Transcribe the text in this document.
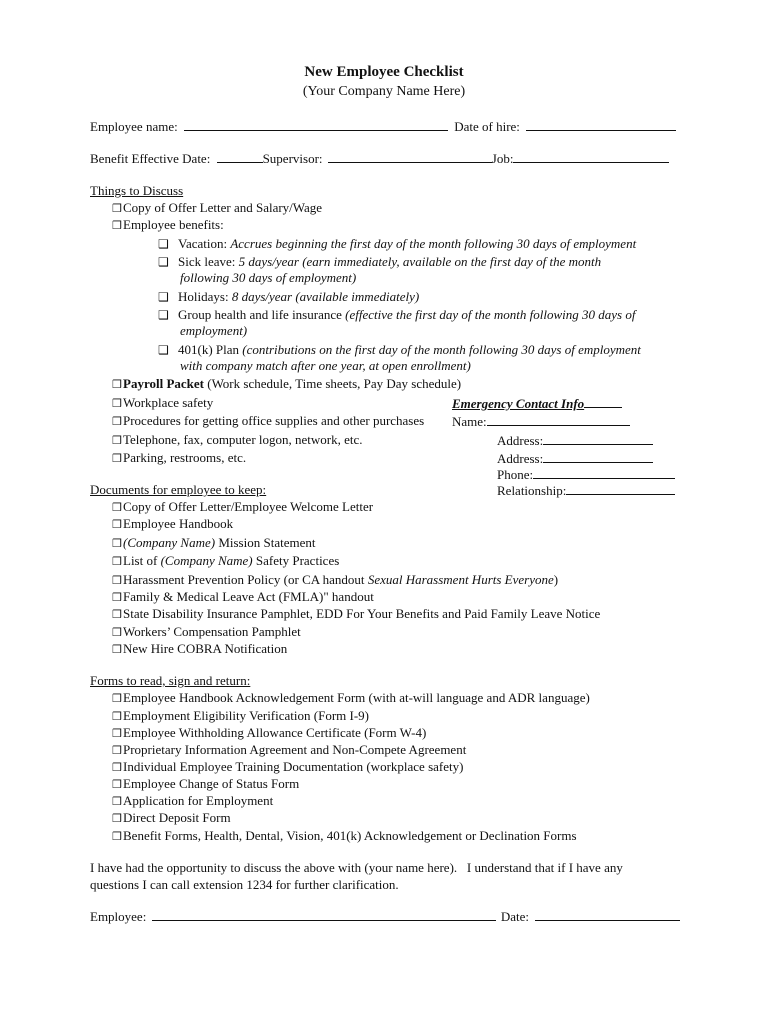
New Employee Checklist
(Your Company Name Here)
Employee name:	Date of hire:
Benefit Effective Date:	Supervisor:	Job:
Things to Discuss
❒Copy of Offer Letter and Salary/Wage
❒Employee benefits:
❑ Vacation: Accrues beginning the first day of the month following 30 days of employment
❑ Sick leave: 5 days/year (earn immediately, available on the first day of the month
following 30 days of employment)
❑ Holidays: 8 days/year (available immediately)
❑ Group health and life insurance (effective the first day of the month following 30 days of
employment)
❑ 401(k) Plan (contributions on the first day of the month following 30 days of employment
with company match after one year, at open enrollment)
❒Payroll Packet (Work schedule, Time sheets, Pay Day schedule)
❒Workplace safety
❒Procedures for getting office supplies and other purchases
❒Telephone, fax, computer logon, network, etc.
❒Parking, restrooms, etc.
Emergency Contact Info
Name:
Address:
Address:
Phone:
Relationship:
Documents for employee to keep:
❒Copy of Offer Letter/Employee Welcome Letter
❒Employee Handbook
❒(Company Name) Mission Statement
❒List of (Company Name) Safety Practices
❒Harassment Prevention Policy (or CA handout Sexual Harassment Hurts Everyone)
❒Family & Medical Leave Act (FMLA)" handout
❒State Disability Insurance Pamphlet, EDD For Your Benefits and Paid Family Leave Notice
❒Workers’ Compensation Pamphlet
❒New Hire COBRA Notification
Forms to read, sign and return:
❒Employee Handbook Acknowledgement Form (with at-will language and ADR language)
❒Employment Eligibility Verification (Form I-9)
❒Employee Withholding Allowance Certificate (Form W-4)
❒Proprietary Information Agreement and Non-Compete Agreement
❒Individual Employee Training Documentation (workplace safety)
❒Employee Change of Status Form
❒Application for Employment
❒Direct Deposit Form
❒Benefit Forms, Health, Dental, Vision, 401(k) Acknowledgement or Declination Forms
I have had the opportunity to discuss the above with (your name here).   I understand that if I have any
questions I can call extension 1234 for further clarification.
Employee:	Date:
